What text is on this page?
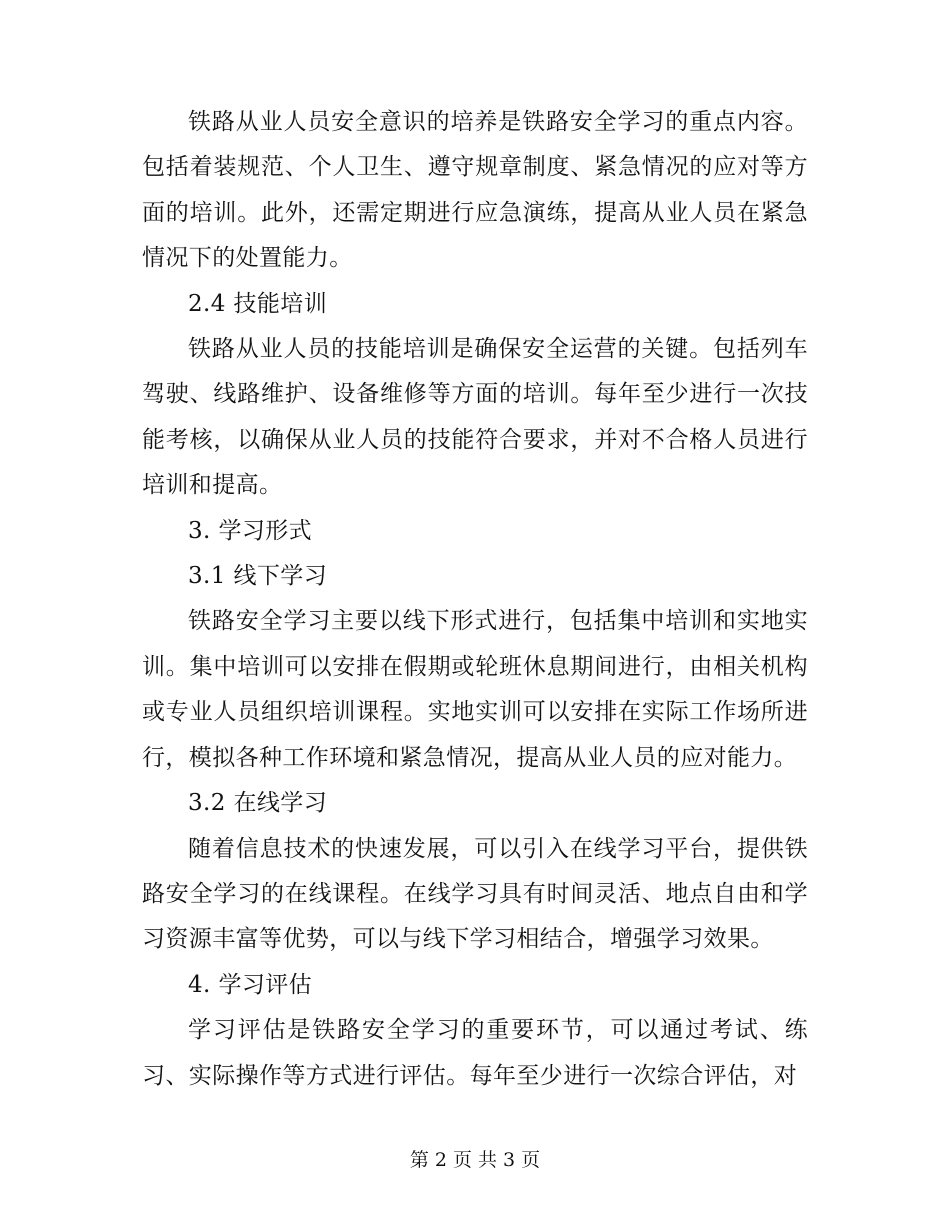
铁路从业人员安全意识的培养是铁路安全学习的重点内容。包括着装规范、个人卫生、遵守规章制度、紧急情况的应对等方面的培训。此外，还需定期进行应急演练，提高从业人员在紧急情况下的处置能力。

2.4 技能培训

铁路从业人员的技能培训是确保安全运营的关键。包括列车驾驶、线路维护、设备维修等方面的培训。每年至少进行一次技能考核，以确保从业人员的技能符合要求，并对不合格人员进行培训和提高。

3. 学习形式

3.1 线下学习

铁路安全学习主要以线下形式进行，包括集中培训和实地实训。集中培训可以安排在假期或轮班休息期间进行，由相关机构或专业人员组织培训课程。实地实训可以安排在实际工作场所进行，模拟各种工作环境和紧急情况，提高从业人员的应对能力。

3.2 在线学习

随着信息技术的快速发展，可以引入在线学习平台，提供铁路安全学习的在线课程。在线学习具有时间灵活、地点自由和学习资源丰富等优势，可以与线下学习相结合，增强学习效果。

4. 学习评估

学习评估是铁路安全学习的重要环节，可以通过考试、练习、实际操作等方式进行评估。每年至少进行一次综合评估，对

第 2 页 共 3 页
